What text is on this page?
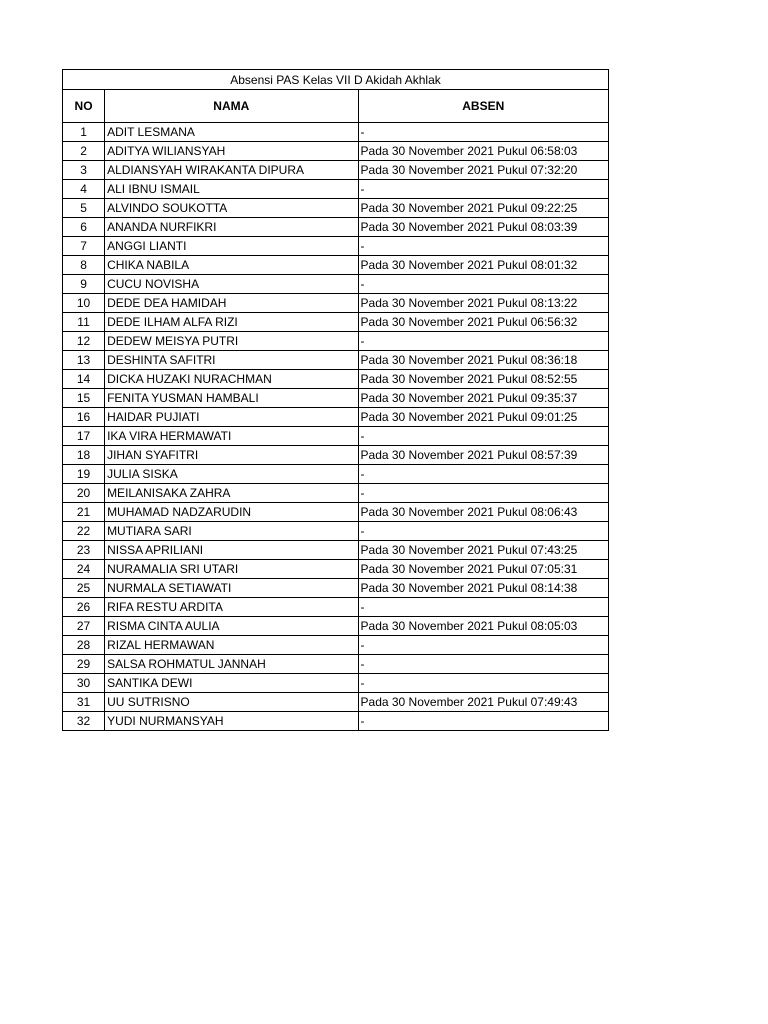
Absensi PAS Kelas VII D Akidah Akhlak		
NO	NAMA	ABSEN
1	ADIT LESMANA	-
2	ADITYA WILIANSYAH	Pada 30 November 2021 Pukul 06:58:03
3	ALDIANSYAH WIRAKANTA DIPURA	Pada 30 November 2021 Pukul 07:32:20
4	ALI IBNU ISMAIL	-
5	ALVINDO SOUKOTTA	Pada 30 November 2021 Pukul 09:22:25
6	ANANDA NURFIKRI	Pada 30 November 2021 Pukul 08:03:39
7	ANGGI LIANTI	-
8	CHIKA NABILA	Pada 30 November 2021 Pukul 08:01:32
9	CUCU NOVISHA	-
10	DEDE DEA HAMIDAH	Pada 30 November 2021 Pukul 08:13:22
11	DEDE ILHAM ALFA RIZI	Pada 30 November 2021 Pukul 06:56:32
12	DEDEW MEISYA PUTRI	-
13	DESHINTA SAFITRI	Pada 30 November 2021 Pukul 08:36:18
14	DICKA HUZAKI NURACHMAN	Pada 30 November 2021 Pukul 08:52:55
15	FENITA YUSMAN HAMBALI	Pada 30 November 2021 Pukul 09:35:37
16	HAIDAR PUJIATI	Pada 30 November 2021 Pukul 09:01:25
17	IKA VIRA HERMAWATI	-
18	JIHAN SYAFITRI	Pada 30 November 2021 Pukul 08:57:39
19	JULIA SISKA	-
20	MEILANISAKA ZAHRA	-
21	MUHAMAD NADZARUDIN	Pada 30 November 2021 Pukul 08:06:43
22	MUTIARA SARI	-
23	NISSA APRILIANI	Pada 30 November 2021 Pukul 07:43:25
24	NURAMALIA SRI UTARI	Pada 30 November 2021 Pukul 07:05:31
25	NURMALA SETIAWATI	Pada 30 November 2021 Pukul 08:14:38
26	RIFA RESTU ARDITA	-
27	RISMA CINTA AULIA	Pada 30 November 2021 Pukul 08:05:03
28	RIZAL HERMAWAN	-
29	SALSA ROHMATUL JANNAH	-
30	SANTIKA DEWI	-
31	UU SUTRISNO	Pada 30 November 2021 Pukul 07:49:43
32	YUDI NURMANSYAH	-
